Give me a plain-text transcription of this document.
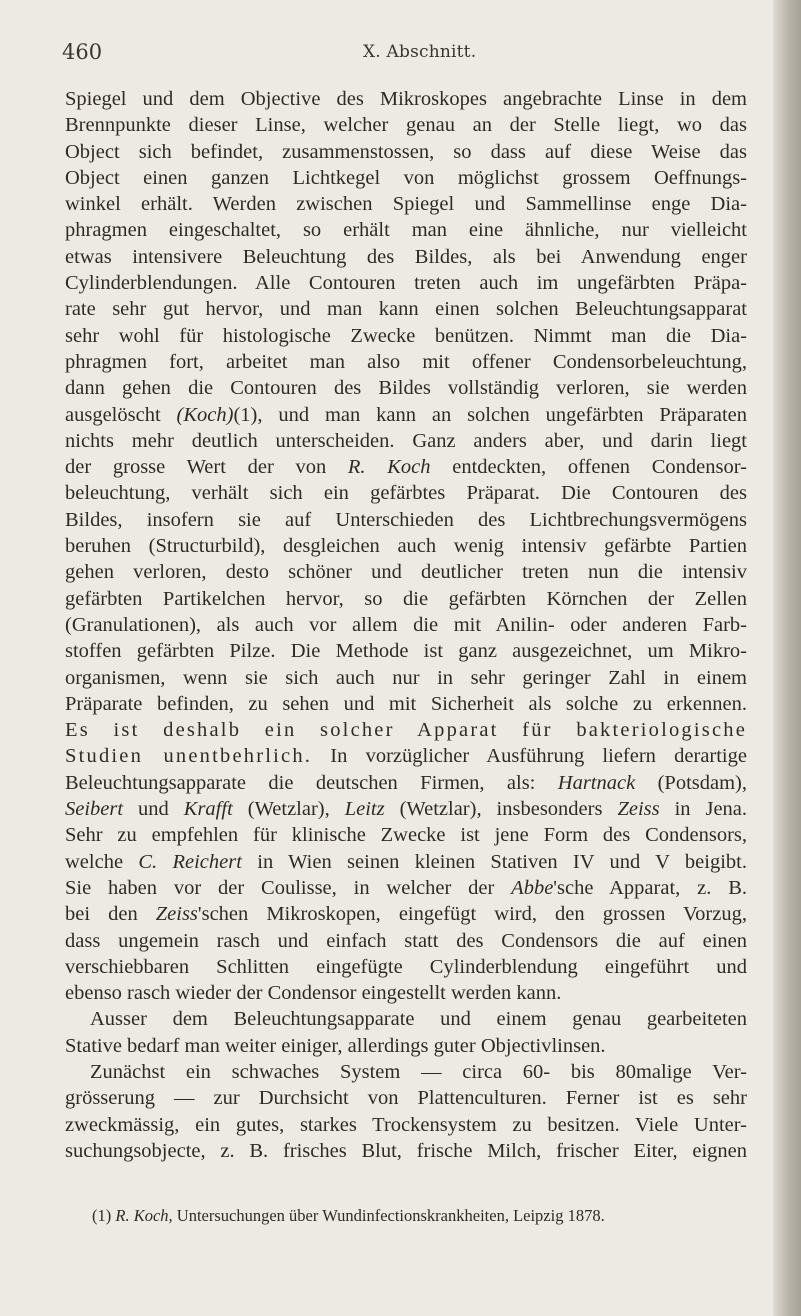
460	X. Abschnitt.
Spiegel und dem Objective des Mikroskopes angebrachte Linse in dem
Brennpunkte dieser Linse, welcher genau an der Stelle liegt, wo das
Object sich befindet, zusammenstossen, so dass auf diese Weise das
Object einen ganzen Lichtkegel von möglichst grossem Oeffnungs-
winkel erhält. Werden zwischen Spiegel und Sammellinse enge Dia-
phragmen eingeschaltet, so erhält man eine ähnliche, nur vielleicht
etwas intensivere Beleuchtung des Bildes, als bei Anwendung enger
Cylinderblendungen. Alle Contouren treten auch im ungefärbten Präpa-
rate sehr gut hervor, und man kann einen solchen Beleuchtungsapparat
sehr wohl für histologische Zwecke benützen. Nimmt man die Dia-
phragmen fort, arbeitet man also mit offener Condensorbeleuchtung,
dann gehen die Contouren des Bildes vollständig verloren, sie werden
ausgelöscht (Koch)(1), und man kann an solchen ungefärbten Präparaten
nichts mehr deutlich unterscheiden. Ganz anders aber, und darin liegt
der grosse Wert der von R. Koch entdeckten, offenen Condensor-
beleuchtung, verhält sich ein gefärbtes Präparat. Die Contouren des
Bildes, insofern sie auf Unterschieden des Lichtbrechungsvermögens
beruhen (Structurbild), desgleichen auch wenig intensiv gefärbte Partien
gehen verloren, desto schöner und deutlicher treten nun die intensiv
gefärbten Partikelchen hervor, so die gefärbten Körnchen der Zellen
(Granulationen), als auch vor allem die mit Anilin- oder anderen Farb-
stoffen gefärbten Pilze. Die Methode ist ganz ausgezeichnet, um Mikro-
organismen, wenn sie sich auch nur in sehr geringer Zahl in einem
Präparate befinden, zu sehen und mit Sicherheit als solche zu erkennen.
Es ist deshalb ein solcher Apparat für bakteriologische
Studien unentbehrlich. In vorzüglicher Ausführung liefern derartige
Beleuchtungsapparate die deutschen Firmen, als: Hartnack (Potsdam),
Seibert und Krafft (Wetzlar), Leitz (Wetzlar), insbesonders Zeiss in Jena.
Sehr zu empfehlen für klinische Zwecke ist jene Form des Condensors,
welche C. Reichert in Wien seinen kleinen Stativen IV und V beigibt.
Sie haben vor der Coulisse, in welcher der Abbe'sche Apparat, z. B.
bei den Zeiss'schen Mikroskopen, eingefügt wird, den grossen Vorzug,
dass ungemein rasch und einfach statt des Condensors die auf einen
verschiebbaren Schlitten eingefügte Cylinderblendung eingeführt und
ebenso rasch wieder der Condensor eingestellt werden kann.
Ausser dem Beleuchtungsapparate und einem genau gearbeiteten
Stative bedarf man weiter einiger, allerdings guter Objectivlinsen.
Zunächst ein schwaches System — circa 60- bis 80malige Ver-
grösserung — zur Durchsicht von Plattenculturen. Ferner ist es sehr
zweckmässig, ein gutes, starkes Trockensystem zu besitzen. Viele Unter-
suchungsobjecte, z. B. frisches Blut, frische Milch, frischer Eiter, eignen
(1) R. Koch, Untersuchungen über Wundinfectionskrankheiten, Leipzig 1878.
